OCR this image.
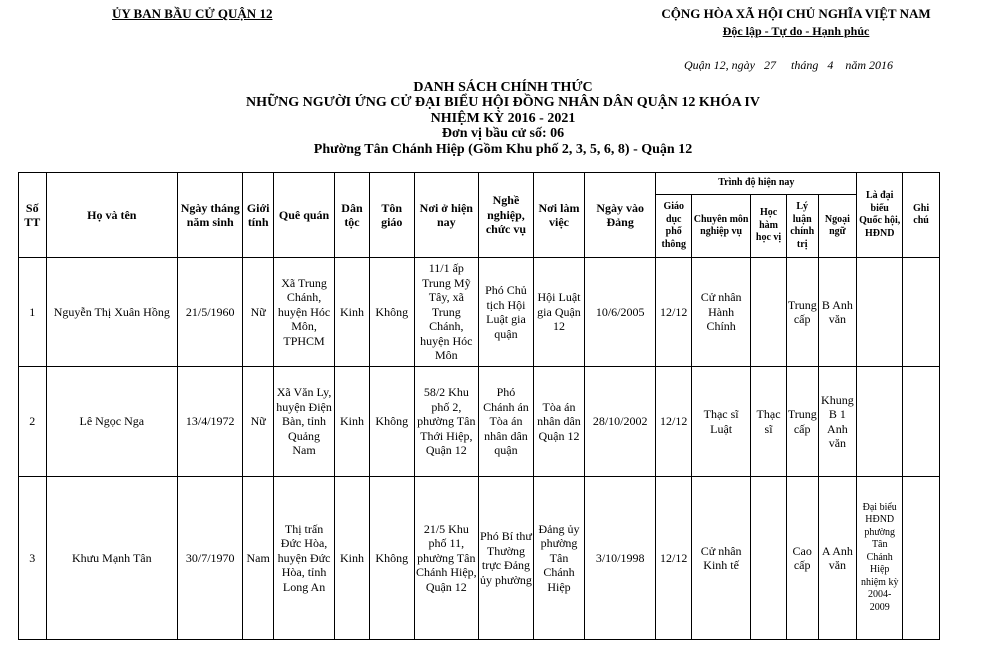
ỦY BAN BẦU CỬ QUẬN 12	CỘNG HÒA XÃ HỘI CHỦ NGHĨA VIỆT NAM
Độc lập - Tự do - Hạnh phúc
Quận 12, ngày   27     tháng   4    năm 2016
DANH SÁCH CHÍNH THỨC
NHỮNG NGƯỜI ỨNG CỬ ĐẠI BIỂU HỘI ĐỒNG NHÂN DÂN QUẬN 12 KHÓA IV
NHIỆM KỲ 2016 - 2021
Đơn vị bầu cử số: 06
Phường Tân Chánh Hiệp (Gồm Khu phố 2, 3, 5, 6, 8) - Quận 12
Số TT	Họ và tên	Ngày tháng năm sinh	Giới tính	Quê quán	Dân tộc	Tôn giáo	Nơi ở hiện nay	Nghề nghiệp, chức vụ	Nơi làm việc	Ngày vào Đảng	Trình độ hiện nay					Là đại biểu Quốc hội, HĐND	Ghi chú
											Giáo dục phổ thông	Chuyên môn nghiệp vụ	Học hàm học vị	Lý luận chính trị	Ngoại ngữ		
1	Nguyễn Thị Xuân Hồng	21/5/1960	Nữ	Xã Trung Chánh, huyện Hóc Môn, TPHCM	Kinh	Không	11/1 ấp Trung Mỹ Tây, xã Trung Chánh, huyện Hóc Môn	Phó Chủ tịch Hội Luật gia quận	Hội Luật gia Quận 12	10/6/2005	12/12	Cử nhân Hành Chính		Trung cấp	B Anh văn		
2	Lê Ngọc Nga	13/4/1972	Nữ	Xã Văn Ly, huyện Điện Bàn, tỉnh Quảng Nam	Kinh	Không	58/2 Khu phố 2, phường Tân Thới Hiệp, Quận 12	Phó Chánh án Tòa án nhân dân quận	Tòa án nhân dân Quận 12	28/10/2002	12/12	Thạc sĩ Luật	Thạc sĩ	Trung cấp	Khung B 1 Anh văn		
3	Khưu Mạnh Tân	30/7/1970	Nam	Thị trấn Đức Hòa, huyện Đức Hòa, tỉnh Long An	Kinh	Không	21/5 Khu phố 11, phường Tân Chánh Hiệp, Quận 12	Phó Bí thư Thường trực Đảng ủy phường	Đảng ủy phường Tân Chánh Hiệp	3/10/1998	12/12	Cử nhân Kinh tế		Cao cấp	A Anh văn	Đại biểu HĐND phường Tân Chánh Hiệp nhiệm kỳ 2004-2009	
